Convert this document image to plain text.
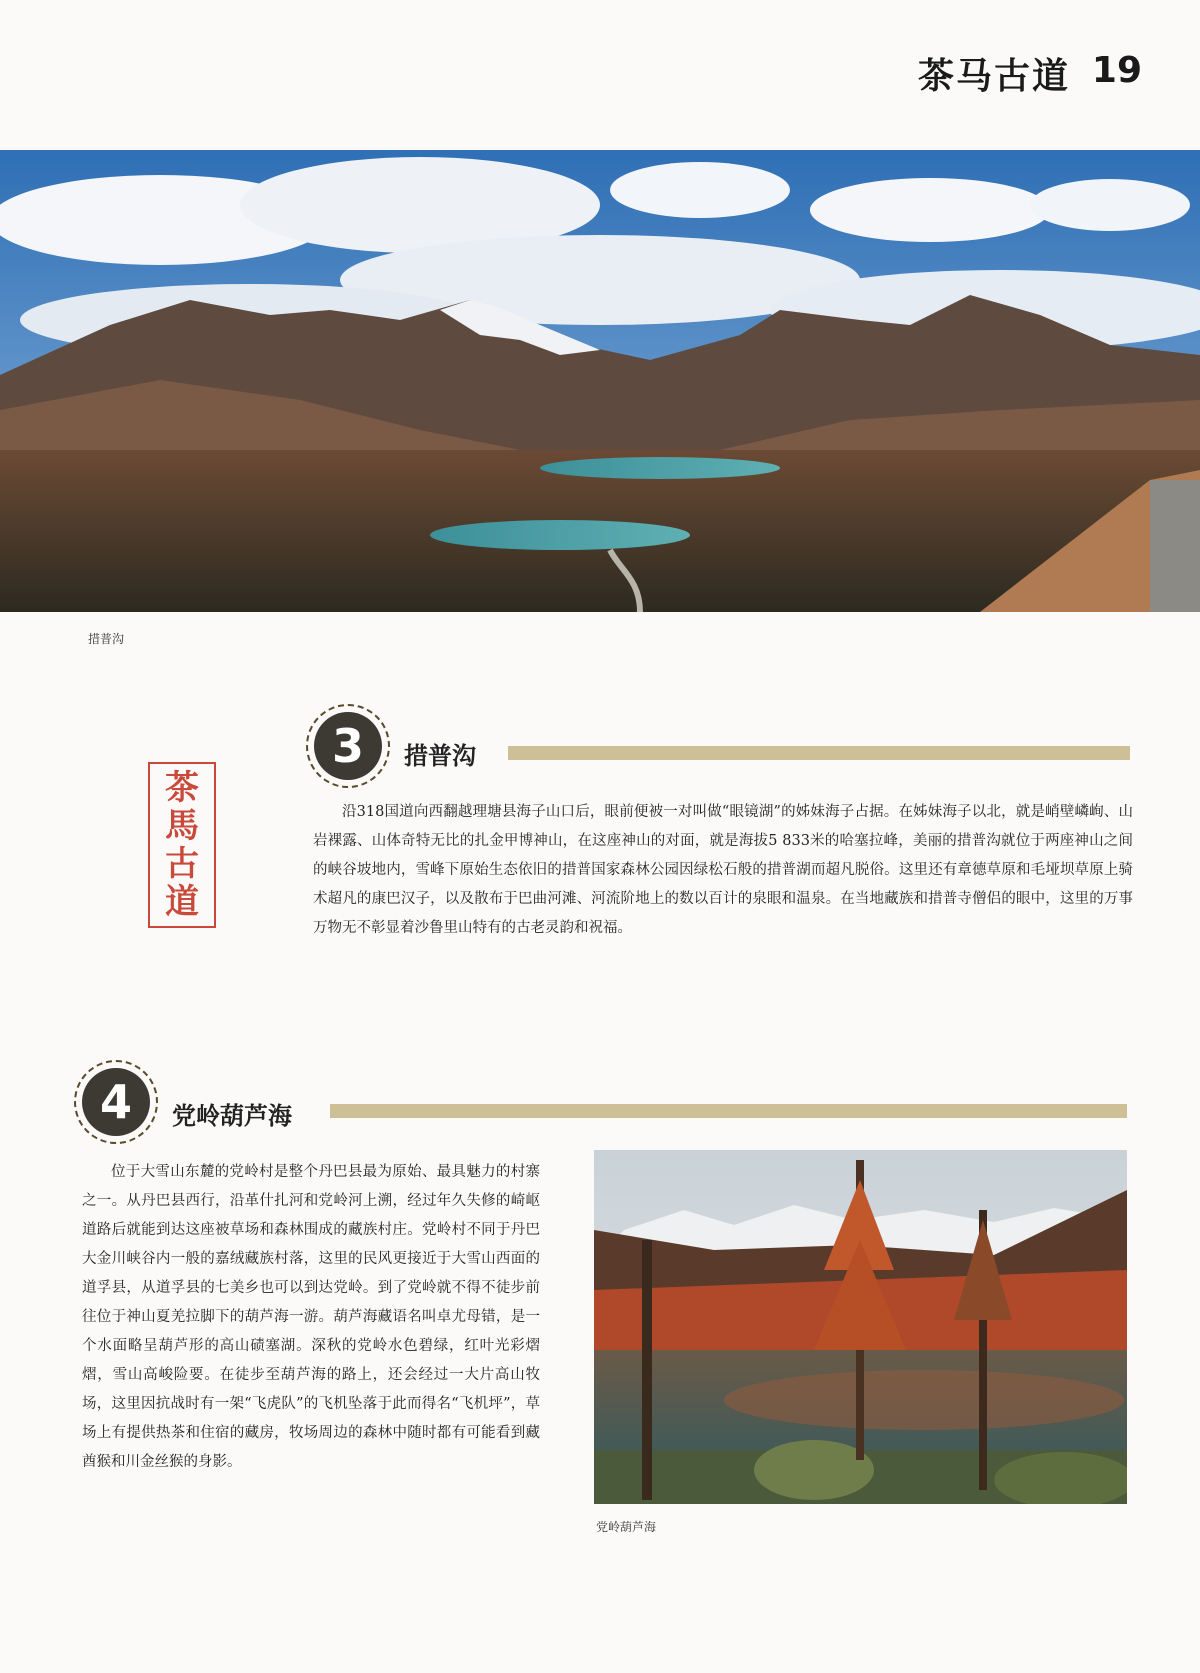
茶马古道 19
措普沟
茶
馬
古
道
3	措普沟

沿318国道向西翻越理塘县海子山口后，眼前便被一对叫做“眼镜湖”的姊妹海子占据。在姊妹海子以北，就是峭壁嶙峋、山岩裸露、山体奇特无比的扎金甲博神山，在这座神山的对面，就是海拔5 833米的哈塞拉峰，美丽的措普沟就位于两座神山之间的峡谷坡地内，雪峰下原始生态依旧的措普国家森林公园因绿松石般的措普湖而超凡脱俗。这里还有章德草原和毛垭坝草原上骑术超凡的康巴汉子，以及散布于巴曲河滩、河流阶地上的数以百计的泉眼和温泉。在当地藏族和措普寺僧侣的眼中，这里的万事万物无不彰显着沙鲁里山特有的古老灵韵和祝福。

4	党岭葫芦海

位于大雪山东麓的党岭村是整个丹巴县最为原始、最具魅力的村寨之一。从丹巴县西行，沿革什扎河和党岭河上溯，经过年久失修的崎岖道路后就能到达这座被草场和森林围成的藏族村庄。党岭村不同于丹巴大金川峡谷内一般的嘉绒藏族村落，这里的民风更接近于大雪山西面的道孚县，从道孚县的七美乡也可以到达党岭。到了党岭就不得不徒步前往位于神山夏羌拉脚下的葫芦海一游。葫芦海藏语名叫卓尤母错，是一个水面略呈葫芦形的高山碛塞湖。深秋的党岭水色碧绿，红叶光彩熠熠，雪山高峻险要。在徒步至葫芦海的路上，还会经过一大片高山牧场，这里因抗战时有一架“飞虎队”的飞机坠落于此而得名“飞机坪”，草场上有提供热茶和住宿的藏房，牧场周边的森林中随时都有可能看到藏酋猴和川金丝猴的身影。

党岭葫芦海
